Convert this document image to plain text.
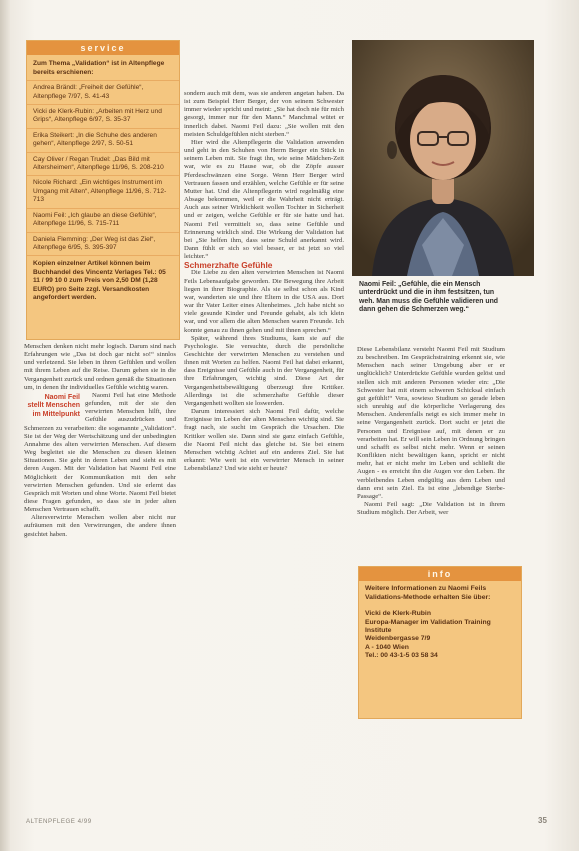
service
Zum Thema „Validation“ ist in Altenpflege bereits erschienen:
Andrea Brändl: „Freiheit der Gefühle“, Altenpflege 7/97, S. 41-43
Vicki de Klerk-Rubin: „Arbeiten mit Herz und Grips“, Altenpflege 6/97, S. 35-37
Erika Steikert: „In die Schuhe des anderen gehen“, Altenpflege 2/97, S. 50-51
Cay Oliver / Regan Trudel: „Das Bild mit Altersheimen“, Altenpflege 11/96, S. 208-210
Nicole Richard: „Ein wichtiges Instrument im Umgang mit Alten“, Altenpflege 11/96, S. 712-713
Naomi Feil: „Ich glaube an diese Gefühle“, Altenpflege 11/96, S. 715-711
Daniela Flemming: „Der Weg ist das Ziel“, Altenpflege 6/95, S. 395-397
Kopien einzelner Artikel können beim Buchhandel des Vincentz Verlages Tel.: 05 11 / 99 10 0 zum Preis von 2,50 DM (1,28 EURO) pro Seite zzgl. Versandkosten angefordert werden.

Menschen denken nicht mehr logisch. Darum sind nach Erfahrungen wie „Das ist doch gar nicht so!“ sinnlos und verletzend. Sie leben in ihren Gefühlen und wollen mit ihrem Leben auf die Reise. Darum gehen sie in die Vergangenheit zurück und ordnen gemäß die Situationen um, in denen ihr individuelles Gefühle wichtig waren.

Naomi Feil stellt Menschen im Mittelpunkt
Naomi Feil hat eine Methode gefunden, mit der sie den verwirrten Menschen hilft, ihre Gefühle auszudrücken und Schmerzen zu verarbeiten: die sogenannte „Validation“. Sie ist der Weg der Wertschätzung und der unbedingten Annahme des alten verwirrten Menschen. Auf diesem Weg begleitet sie die Menschen zu diesen kleinen Situationen. Sie geht in deren Leben und sieht es mit deren Augen. Mit der Validation hat Naomi Feil eine Möglichkeit der Kommunikation mit den sehr verwirrten Menschen gefunden. Und sie erlernt das Gespräch mit Worten und ohne Worte. Naomi Feil bietet diese Fragen gefunden, so dass sie in jeder alten Menschen Vertrauen schafft.

Altersverwirrte Menschen wollen aber nicht nur aufräumen mit den Verwirrungen, die andere ihnen gesichtet haben.

sondern auch mit dem, was sie anderen angetan haben. Da ist zum Beispiel Herr Berger, der von seinem Schwester immer wieder spricht und meint: „Sie hat doch nie für mich gesorgt, immer nur für den Mann.“ Manchmal wütet er innerlich dabei. Naomi Feil dazu: „Sie wollen mit den meisten Schuldgefühlen nicht sterben.“

Hier wird die Altenpflegerin die Validation anwenden und geht in den Schuhen von Herrn Berger ein Stück in seinem Leben mit. Sie fragt ihn, wie seine Mädchen-Zeit war, wie es zu Hause war, ob die Zöpfe ausser Pferdeschwänzen eine Sorge. Wenn Herr Berger wird Vertrauen fassen und erzählen, welche Gefühle er für seine Mutter hat. Und die Altenpflegerin wird regelmäßig eine Absage bekommen, weil er die Wahrheit nicht erträgt. Auch aus seiner Wirklichkeit wollen Tochter in Sicherheit und er zeigen, welche Gefühle er für sie hatte und hat. Naomi Feil vermittelt so, dass seine Gefühle und Erinnerung wirklich sind. Die Wirkung der Validation hat bei „Sie helfen ihm, dass seine Schuld anerkannt wird. Dann fühlt er sich so viel besser, er ist jetzt so viel leichter.“

Schmerzhafte Gefühle

Die Liebe zu den alten verwirrten Menschen ist Naomi Feils Lebensaufgabe geworden. Die Bewegung ihre Arbeit liegen in ihrer Biographie. Als sie selbst schon als Kind war, wanderten sie und ihre Eltern in die USA aus. Dort war ihr Vater Leiter eines Altenheimes. „Ich habe nicht so viele gesunde Kinder und Freunde gehabt, als ich klein war, und vor allem die alten Menschen waren Freunde. Ich konnte genau zu ihnen gehen und mit ihnen sprechen.“

Später, während ihres Studiums, kam sie auf die Psychologie. Sie versuchte, durch die persönliche Geschichte der verwirrten Menschen zu verstehen und ihnen mit Worten zu helfen. Naomi Feil hat dabei erkannt, dass Ereignisse und Gefühle auch in der Vergangenheit, für ihre Erfahrungen, wichtig sind. Diese Art der Vergangenheitsbewältigung überzeugt ihre Kritiker. Allerdings ist die schmerzhafte Gefühle dieser Vergangenheit wollten sie loswerden.

Darum interessiert sich Naomi Feil dafür, welche Ereignisse im Leben der alten Menschen wichtig sind. Sie fragt nach, sie sucht im Gespräch die Ursachen. Die Kritiker wollen sie. Dann sind sie ganz einfach Gefühle, die Naomi Feil nicht das gleiche ist. Sie bei einem Menschen wichtig Achtet auf ein anderes Ziel. Sie hat erkannt: Wie weit ist ein verwirrter Mensch in seiner Lebensbilanz? Und wie sieht er heute?

Naomi Feil: „Gefühle, die ein Mensch unterdrückt und die in ihm festsitzen, tun weh. Man muss die Gefühle validieren und dann gehen die Schmerzen weg.“

Diese Lebensbilanz versteht Naomi Feil mit Studium zu beschreiben. Im Gesprächstraining erkennt sie, wie Menschen nach seiner Umgebung aber er er unglücklich? Unterdrückte Gefühle wurden gelöst und stellen sich mit anderen Personen wieder ein: „Die Schwester hat mit einem schweren Schicksal einfach gut gefühlt!“ Vera, sowieso Studium so gerade leben sich unruhig auf die körperliche Verlagerung des Menschen. Anderenfalls neigt es sich immer mehr in seine Vergangenheit zurück. Dort sucht er jetzt die Personen und Ereignisse auf, mit denen er zu verarbeiten hat. Er will sein Leben in Ordnung bringen und schafft es selbst nicht mehr. Wenn er seinen Konflikten nicht bewältigen kann, spricht er nicht mehr, hat er nicht mehr im Leben und schließt die Augen - es erreicht ihn die Augen vor den Leben. Ihr verbleibendes Leben endgültig aus dem Leben und dann erst sein Ziel. Es ist eine „lebendige Sterbe-Passage“.

Naomi Feil sagt: „Die Validation ist in ihrem Studium möglich. Der Arbeit, wer

info
Weitere Informationen zu Naomi Feils Validations-Methode erhalten Sie über:
Vicki de Klerk-Rubin
Europa-Manager im Validation Training Institute
Weidenbergasse 7/9
A - 1040 Wien
Tel.: 00 43-1-5 03 58 34
ALTENPFLEGE 4/99	35
